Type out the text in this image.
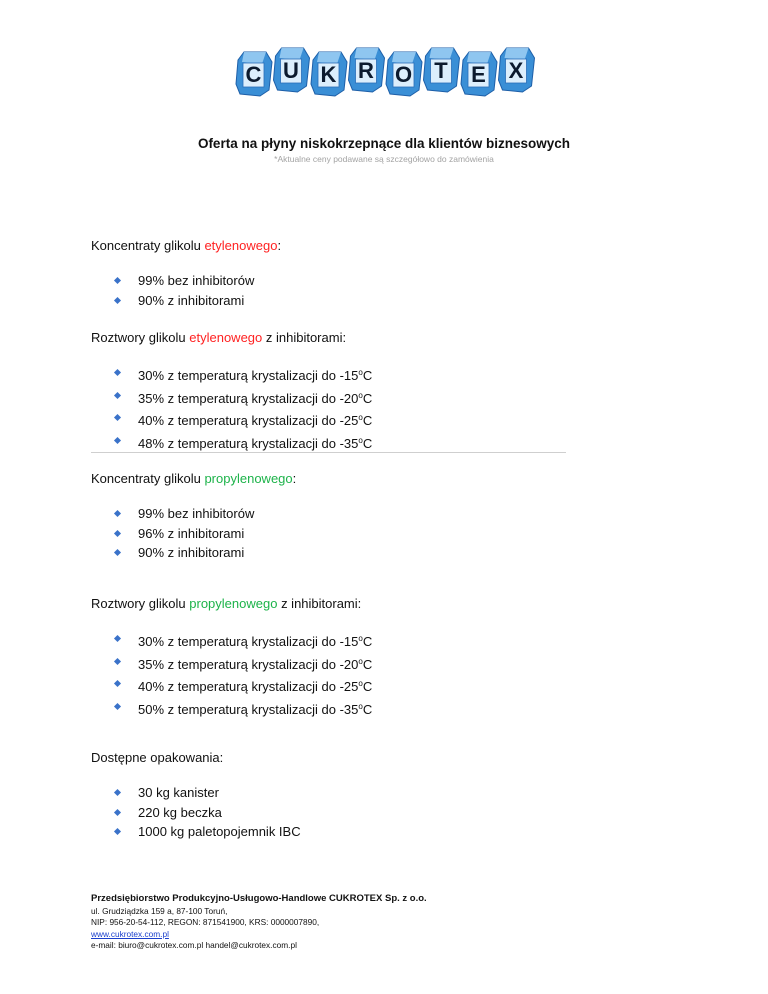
C U K R O T E X
Oferta na płyny niskokrzepnące dla klientów biznesowych
*Aktualne ceny podawane są szczegółowo do zamówienia

Koncentraty glikolu etylenowego:

99% bez inhibitorów
90% z inhibitorami

Roztwory glikolu etylenowego z inhibitorami:

30% z temperaturą krystalizacji do -15$^o$C
35% z temperaturą krystalizacji do -20$^o$C
40% z temperaturą krystalizacji do -25$^o$C
48% z temperaturą krystalizacji do -35$^o$C

Koncentraty glikolu propylenowego:

99% bez inhibitorów
96% z inhibitorami
90% z inhibitorami

Roztwory glikolu propylenowego z inhibitorami:

30% z temperaturą krystalizacji do -15$^o$C
35% z temperaturą krystalizacji do -20$^o$C
40% z temperaturą krystalizacji do -25$^o$C
50% z temperaturą krystalizacji do -35$^o$C

Dostępne opakowania:

30 kg kanister
220 kg beczka
1000 kg paletopojemnik IBC
Przedsiębiorstwo Produkcyjno-Usługowo-Handlowe CUKROTEX Sp. z o.o.
ul. Grudziądzka 159 a, 87-100 Toruń,
NIP: 956-20-54-112, REGON: 871541900, KRS: 0000007890,
www.cukrotex.com.pl
e-mail: biuro@cukrotex.com.pl handel@cukrotex.com.pl
